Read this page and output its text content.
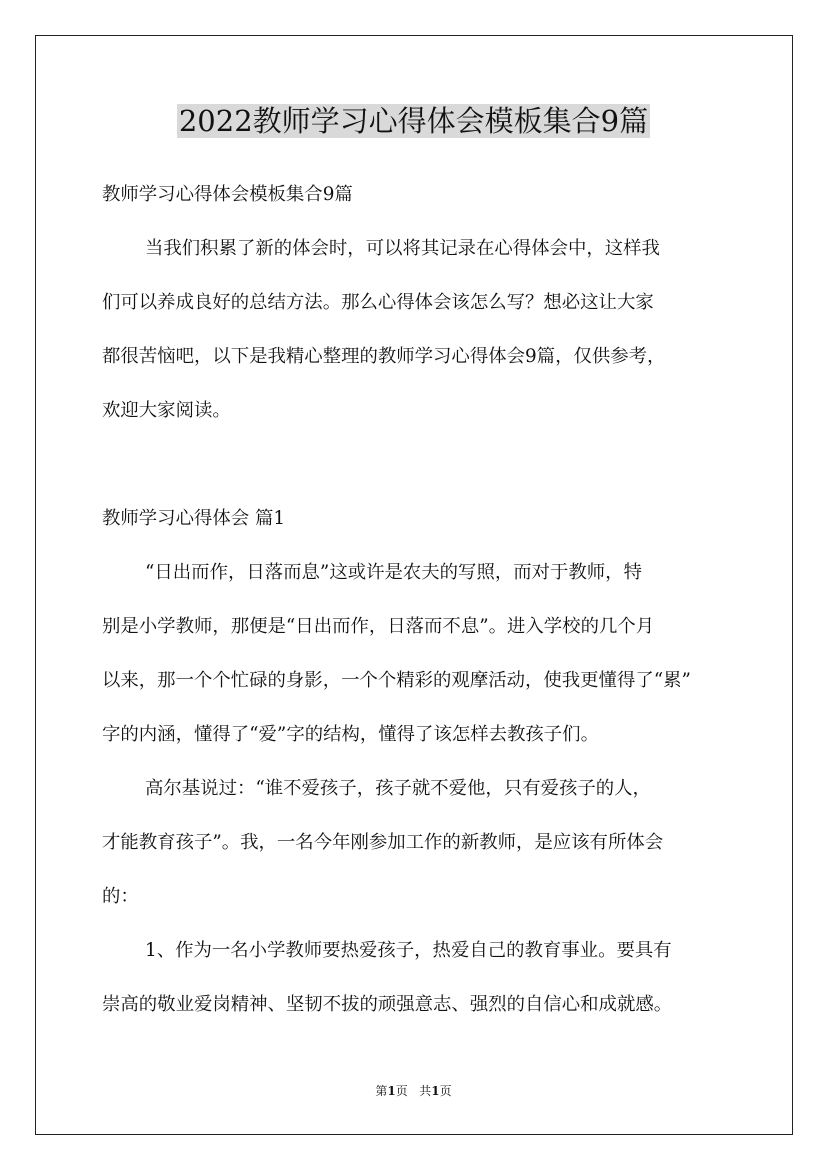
2022教师学习心得体会模板集合9篇
教师学习心得体会模板集合9篇
当我们积累了新的体会时，可以将其记录在心得体会中，这样我
们可以养成良好的总结方法。那么心得体会该怎么写？想必这让大家
都很苦恼吧，以下是我精心整理的教师学习心得体会9篇，仅供参考，
欢迎大家阅读。
教师学习心得体会 篇1
“日出而作，日落而息”这或许是农夫的写照，而对于教师，特
别是小学教师，那便是“日出而作，日落而不息”。进入学校的几个月
以来，那一个个忙碌的身影，一个个精彩的观摩活动，使我更懂得了“累”
字的内涵，懂得了“爱”字的结构，懂得了该怎样去教孩子们。
高尔基说过：“谁不爱孩子，孩子就不爱他，只有爱孩子的人，
才能教育孩子”。我，一名今年刚参加工作的新教师，是应该有所体会
的：
1、作为一名小学教师要热爱孩子，热爱自己的教育事业。要具有
崇高的敬业爱岗精神、坚韧不拔的顽强意志、强烈的自信心和成就感。
第1页 共1页
